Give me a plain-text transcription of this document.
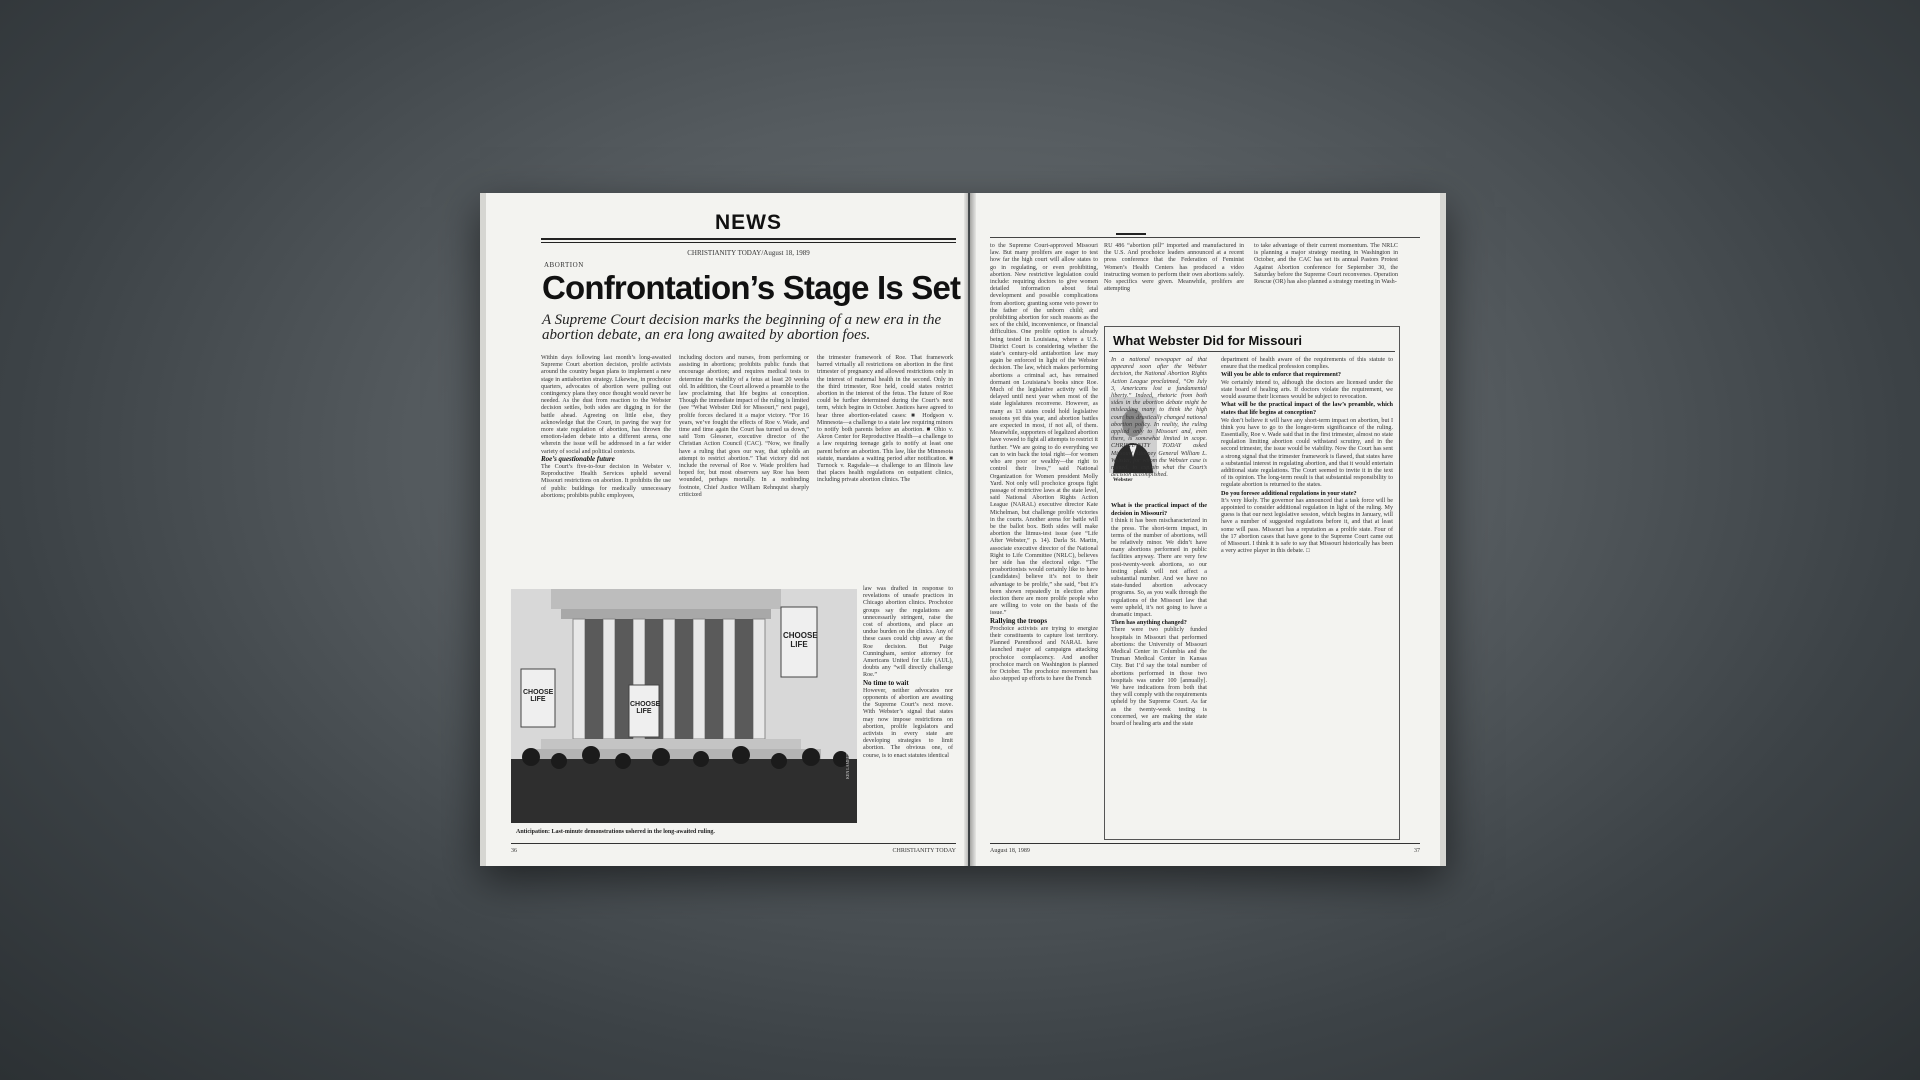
NEWS
CHRISTIANITY TODAY/August 18, 1989
ABORTION
Confrontation’s Stage Is Set
A Supreme Court decision marks the beginning of a new era in the abortion debate, an era long awaited by abortion foes.
Within days following last month’s long-awaited Supreme Court abortion decision, prolife activists around the country began plans to implement a new stage in antiabortion strategy. Likewise, in prochoice quarters, advocates of abortion were pulling out contingency plans they once thought would never be needed. As the dust from reaction to the Webster decision settles, both sides are digging in for the battle ahead. Agreeing on little else, they acknowledge that the Court, in paving the way for more state regulation of abortion, has thrown the emotion-laden debate into a different arena, one wherein the issue will be addressed in a far wider variety of social and political contexts.
Roe’s questionable future
The Court’s five-to-four decision in Webster v. Reproductive Health Services upheld several Missouri restrictions on abortion. It prohibits the use of public buildings for medically unnecessary abortions; prohibits public employees,
including doctors and nurses, from performing or assisting in abortions; prohibits public funds that encourage abortion; and requires medical tests to determine the viability of a fetus at least 20 weeks old. In addition, the Court allowed a preamble to the law proclaiming that life begins at conception. Though the immediate impact of the ruling is limited (see “What Webster Did for Missouri,” next page), prolife forces declared it a major victory. “For 16 years, we’ve fought the effects of Roe v. Wade, and time and time again the Court has turned us down,” said Tom Glessner, executive director of the Christian Action Council (CAC). “Now, we finally have a ruling that goes our way, that upholds an attempt to restrict abortion.” That victory did not include the reversal of Roe v. Wade prolifers had hoped for, but most observers say Roe has been wounded, perhaps mortally. In a nonbinding footnote, Chief Justice William Rehnquist sharply criticized
the trimester framework of Roe. That framework barred virtually all restrictions on abortion in the first trimester of pregnancy and allowed restrictions only in the interest of maternal health in the second. Only in the third trimester, Roe held, could states restrict abortion in the interest of the fetus. The future of Roe could be further determined during the Court’s next term, which begins in October. Justices have agreed to hear three abortion-related cases: ■ Hodgson v. Minnesota—a challenge to a state law requiring minors to notify both parents before an abortion. ■ Ohio v. Akron Center for Reproductive Health—a challenge to a law requiring teenage girls to notify at least one parent before an abortion. This law, like the Minnesota statute, mandates a waiting period after notification. ■ Turnock v. Ragsdale—a challenge to an Illinois law that places health regulations on outpatient clinics, including private abortion clinics. The
law was drafted in response to revelations of unsafe practices in Chicago abortion clinics. Prochoice groups say the regulations are unnecessarily stringent, raise the cost of abortions, and place an undue burden on the clinics. Any of these cases could chip away at the Roe decision. But Paige Cunningham, senior attorney for Americans United for Life (AUL), doubts any “will directly challenge Roe.”
No time to wait
However, neither advocates nor opponents of abortion are awaiting the Supreme Court’s next move. With Webster’s signal that states may now impose restrictions on abortion, prolife legislators and activists in every state are developing strategies to limit abortion. The obvious one, of course, is to enact statutes identical
CHOOSE LIFE
CHOOSE LIFE
CHOOSE LIFE
KEN LAMBERT
Anticipation: Last-minute demonstrations ushered in the long-awaited ruling.
36	CHRISTIANITY TODAY
to the Supreme Court-approved Missouri law. But many prolifers are eager to test how far the high court will allow states to go in regulating, or even prohibiting, abortion. New restrictive legislation could include: requiring doctors to give women detailed information about fetal development and possible complications from abortion; granting some veto power to the father of the unborn child; and prohibiting abortion for such reasons as the sex of the child, inconvenience, or financial difficulties. One prolife option is already being tested in Louisiana, where a U.S. District Court is considering whether the state’s century-old antiabortion law may again be enforced in light of the Webster decision. The law, which makes performing abortions a criminal act, has remained dormant on Louisiana’s books since Roe. Much of the legislative activity will be delayed until next year when most of the state legislatures reconvene. However, as many as 13 states could hold legislative sessions yet this year, and abortion battles are expected in most, if not all, of them. Meanwhile, supporters of legalized abortion have vowed to fight all attempts to restrict it further. “We are going to do everything we can to win back the total right—for women who are poor or wealthy—the right to control their lives,” said National Organization for Women president Molly Yard. Not only will prochoice groups fight passage of restrictive laws at the state level, said National Abortion Rights Action League (NARAL) executive director Kate Michelman, but challenge prolife victories in the courts. Another arena for battle will be the ballot box. Both sides will make abortion the litmus-test issue (see “Life After Webster,” p. 14). Darla St. Martin, associate executive director of the National Right to Life Committee (NRLC), believes her side has the electoral edge. “The proabortionists would certainly like to have [candidates] believe it’s not to their advantage to be prolife,” she said, “but it’s been shown repeatedly in election after election there are more prolife people who are willing to vote on the basis of the issue.”
Rallying the troops
Prochoice activists are trying to energize their constituents to capture lost territory. Planned Parenthood and NARAL have launched major ad campaigns attacking prochoice complacency. And another prochoice march on Washington is planned for October. The prochoice movement has also stepped up efforts to have the French
RU 486 “abortion pill” imported and manufactured in the U.S. And prochoice leaders announced at a recent press conference that the Federation of Feminist Women’s Health Centers has produced a video instructing women to perform their own abortions safely. No specifics were given. Meanwhile, prolifers are attempting
to take advantage of their current momentum. The NRLC is planning a major strategy meeting in Washington in October, and the CAC has set its annual Pastors Protest Against Abortion conference for September 30, the Saturday before the Supreme Court reconvenes. Operation Rescue (OR) has also planned a strategy meeting in Wash-
What Webster Did for Missouri
Webster
In a national newspaper ad that appeared soon after the Webster decision, the National Abortion Rights Action League proclaimed, “On July 3, Americans lost a fundamental liberty.” Indeed, rhetoric from both sides in the abortion debate might be misleading many to think the high court has drastically changed national abortion policy. In reality, the ruling applied only to Missouri and, even there, is somewhat limited in scope. CHRISTIANITY TODAY asked Missouri Attorney General William L. Webster, for whom the Webster case is named, to explain what the Court’s decision accomplished.
What is the practical impact of the decision in Missouri?
I think it has been mischaracterized in the press. The short-term impact, in terms of the number of abortions, will be relatively minor. We didn’t have many abortions performed in public facilities anyway. There are very few post-twenty-week abortions, so our testing plank will not affect a substantial number. And we have no state-funded abortion advocacy programs. So, as you walk through the regulations of the Missouri law that were upheld, it’s not going to have a dramatic impact.
Then has anything changed?
There were two publicly funded hospitals in Missouri that performed abortions: the University of Missouri Medical Center in Columbia and the Truman Medical Center in Kansas City. But I’d say the total number of abortions performed in those two hospitals was under 100 [annually]. We have indications from both that they will comply with the requirements upheld by the Supreme Court. As far as the twenty-week testing is concerned, we are making the state board of healing arts and the state
department of health aware of the requirements of this statute to ensure that the medical profession complies.
Will you be able to enforce that requirement?
We certainly intend to, although the doctors are licensed under the state board of healing arts. If doctors violate the requirement, we would assume their licenses would be subject to revocation.
What will be the practical impact of the law’s preamble, which states that life begins at conception?
We don’t believe it will have any short-term impact on abortion, but I think you have to go to the longer-term significance of the ruling. Essentially, Roe v. Wade said that in the first trimester, almost no state regulation limiting abortion could withstand scrutiny, and in the second trimester, the issue would be viability. Now the Court has sent a strong signal that the trimester framework is flawed, that states have a substantial interest in regulating abortion, and that it would entertain additional state regulations. The Court seemed to invite it in the text of its opinion. The long-term result is that substantial responsibility to regulate abortion is returned to the states.
Do you foresee additional regulations in your state?
It’s very likely. The governor has announced that a task force will be appointed to consider additional regulation in light of the ruling. My guess is that our next legislative session, which begins in January, will have a number of suggested regulations before it, and that at least some will pass. Missouri has a reputation as a prolife state. Four of the 17 abortion cases that have gone to the Supreme Court came out of Missouri. I think it is safe to say that Missouri historically has been a very active player in this debate. □
August 18, 1989	37
